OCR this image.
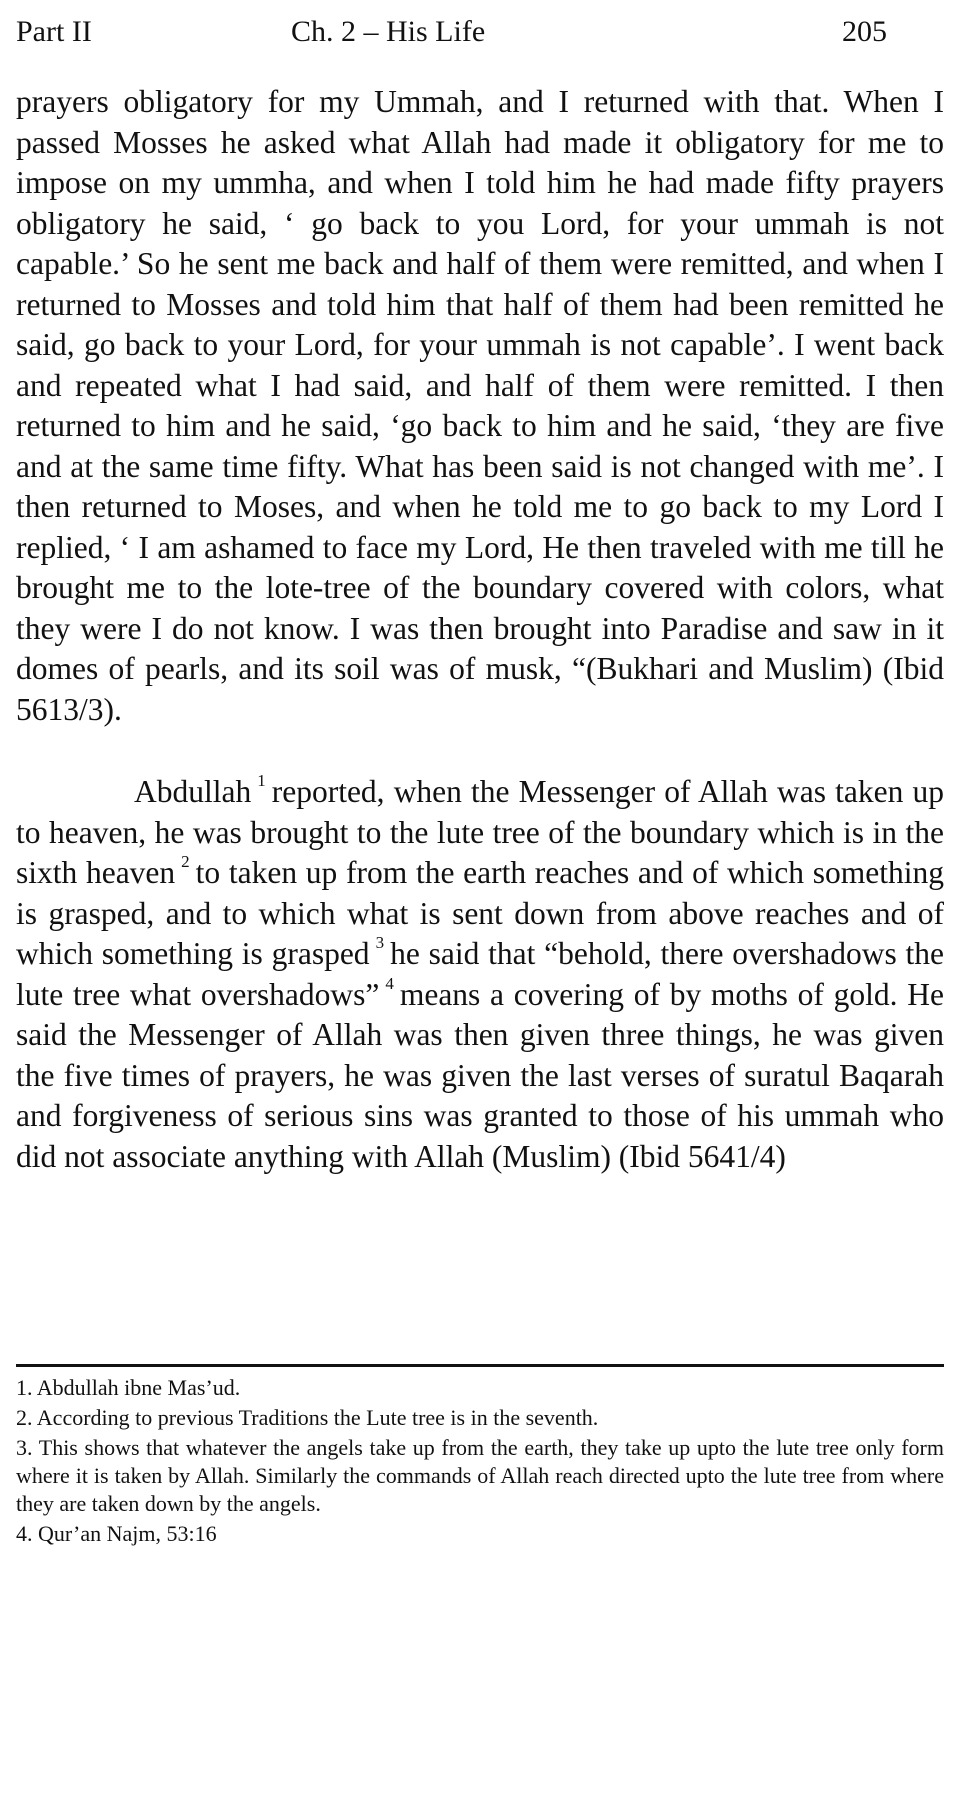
Part II	Ch. 2 – His Life	205

prayers obligatory for my Ummah, and I returned with that. When I passed Mosses he asked what Allah had made it obligatory for me to impose on my ummha, and when I told him he had made fifty prayers obligatory he said, ‘ go back to you Lord, for your ummah is not capable.’ So he sent me back and half of them were remitted, and when I returned to Mosses and told him that half of them had been remitted he said, go back to your Lord, for your ummah is not capable’. I went back and repeated what I had said, and half of them were remitted. I then returned to him and he said, ‘go back to him and he said, ‘they are five and at the same time fifty. What has been said is not changed with me’. I then returned to Moses, and when he told me to go back to my Lord I replied, ‘ I am ashamed to face my Lord, He then traveled with me till he brought me to the lote-tree of the boundary covered with colors, what they were I do not know. I was then brought into Paradise and saw in it domes of pearls, and its soil was of musk, “(Bukhari and Muslim) (Ibid 5613/3).

Abdullah $^1$ reported, when the Messenger of Allah was taken up to heaven, he was brought to the lute tree of the boundary which is in the sixth heaven $^2$ to taken up from the earth reaches and of which something is grasped, and to which what is sent down from above reaches and of which something is grasped $^3$ he said that “behold, there overshadows the lute tree what overshadows” $^4$ means a covering of by moths of gold. He said the Messenger of Allah was then given three things, he was given the five times of prayers, he was given the last verses of suratul Baqarah and forgiveness of serious sins was granted to those of his ummah who did not associate anything with Allah (Muslim) (Ibid 5641/4)

1. Abdullah ibne Mas’ud.

2. According to previous Traditions the Lute tree is in the seventh.

3. This shows that whatever the angels take up from the earth, they take up upto the lute tree only form where it is taken by Allah. Similarly the commands of Allah reach directed upto the lute tree from where they are taken down by the angels.

4. Qur’an Najm, 53:16
